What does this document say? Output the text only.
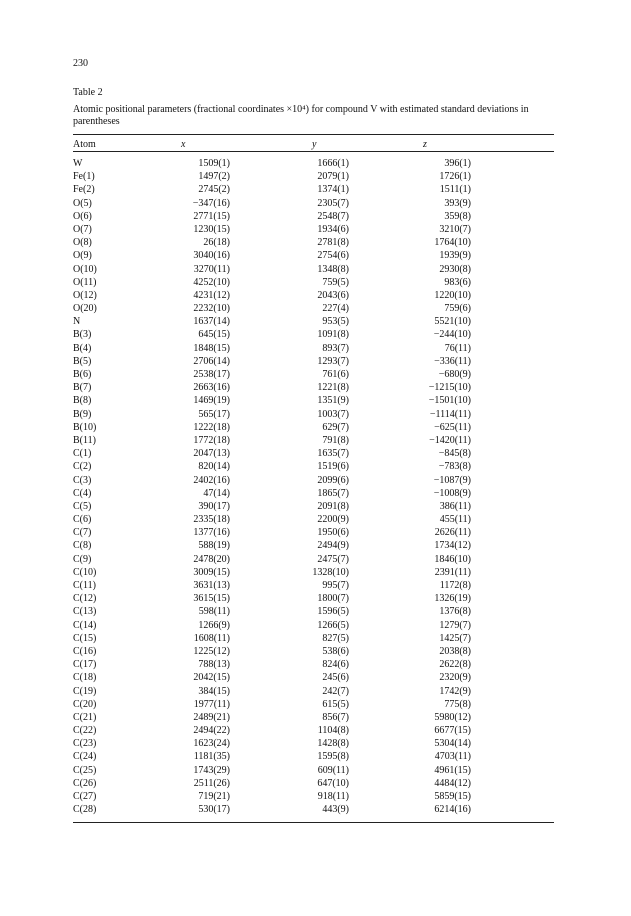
230
Table 2
Atomic positional parameters (fractional coordinates ×10⁴) for compound V with estimated standard deviations in parentheses
Atom	x	y	z
W	1509(1)	1666(1)	396(1)
Fe(1)	1497(2)	2079(1)	1726(1)
Fe(2)	2745(2)	1374(1)	1511(1)
O(5)	−347(16)	2305(7)	393(9)
O(6)	2771(15)	2548(7)	359(8)
O(7)	1230(15)	1934(6)	3210(7)
O(8)	26(18)	2781(8)	1764(10)
O(9)	3040(16)	2754(6)	1939(9)
O(10)	3270(11)	1348(8)	2930(8)
O(11)	4252(10)	759(5)	983(6)
O(12)	4231(12)	2043(6)	1220(10)
O(20)	2232(10)	227(4)	759(6)
N	1637(14)	953(5)	5521(10)
B(3)	645(15)	1091(8)	−244(10)
B(4)	1848(15)	893(7)	76(11)
B(5)	2706(14)	1293(7)	−336(11)
B(6)	2538(17)	761(6)	−680(9)
B(7)	2663(16)	1221(8)	−1215(10)
B(8)	1469(19)	1351(9)	−1501(10)
B(9)	565(17)	1003(7)	−1114(11)
B(10)	1222(18)	629(7)	−625(11)
B(11)	1772(18)	791(8)	−1420(11)
C(1)	2047(13)	1635(7)	−845(8)
C(2)	820(14)	1519(6)	−783(8)
C(3)	2402(16)	2099(6)	−1087(9)
C(4)	47(14)	1865(7)	−1008(9)
C(5)	390(17)	2091(8)	386(11)
C(6)	2335(18)	2200(9)	455(11)
C(7)	1377(16)	1950(6)	2626(11)
C(8)	588(19)	2494(9)	1734(12)
C(9)	2478(20)	2475(7)	1846(10)
C(10)	3009(15)	1328(10)	2391(11)
C(11)	3631(13)	995(7)	1172(8)
C(12)	3615(15)	1800(7)	1326(19)
C(13)	598(11)	1596(5)	1376(8)
C(14)	1266(9)	1266(5)	1279(7)
C(15)	1608(11)	827(5)	1425(7)
C(16)	1225(12)	538(6)	2038(8)
C(17)	788(13)	824(6)	2622(8)
C(18)	2042(15)	245(6)	2320(9)
C(19)	384(15)	242(7)	1742(9)
C(20)	1977(11)	615(5)	775(8)
C(21)	2489(21)	856(7)	5980(12)
C(22)	2494(22)	1104(8)	6677(15)
C(23)	1623(24)	1428(8)	5304(14)
C(24)	1181(35)	1595(8)	4703(11)
C(25)	1743(29)	609(11)	4961(15)
C(26)	2511(26)	647(10)	4484(12)
C(27)	719(21)	918(11)	5859(15)
C(28)	530(17)	443(9)	6214(16)
